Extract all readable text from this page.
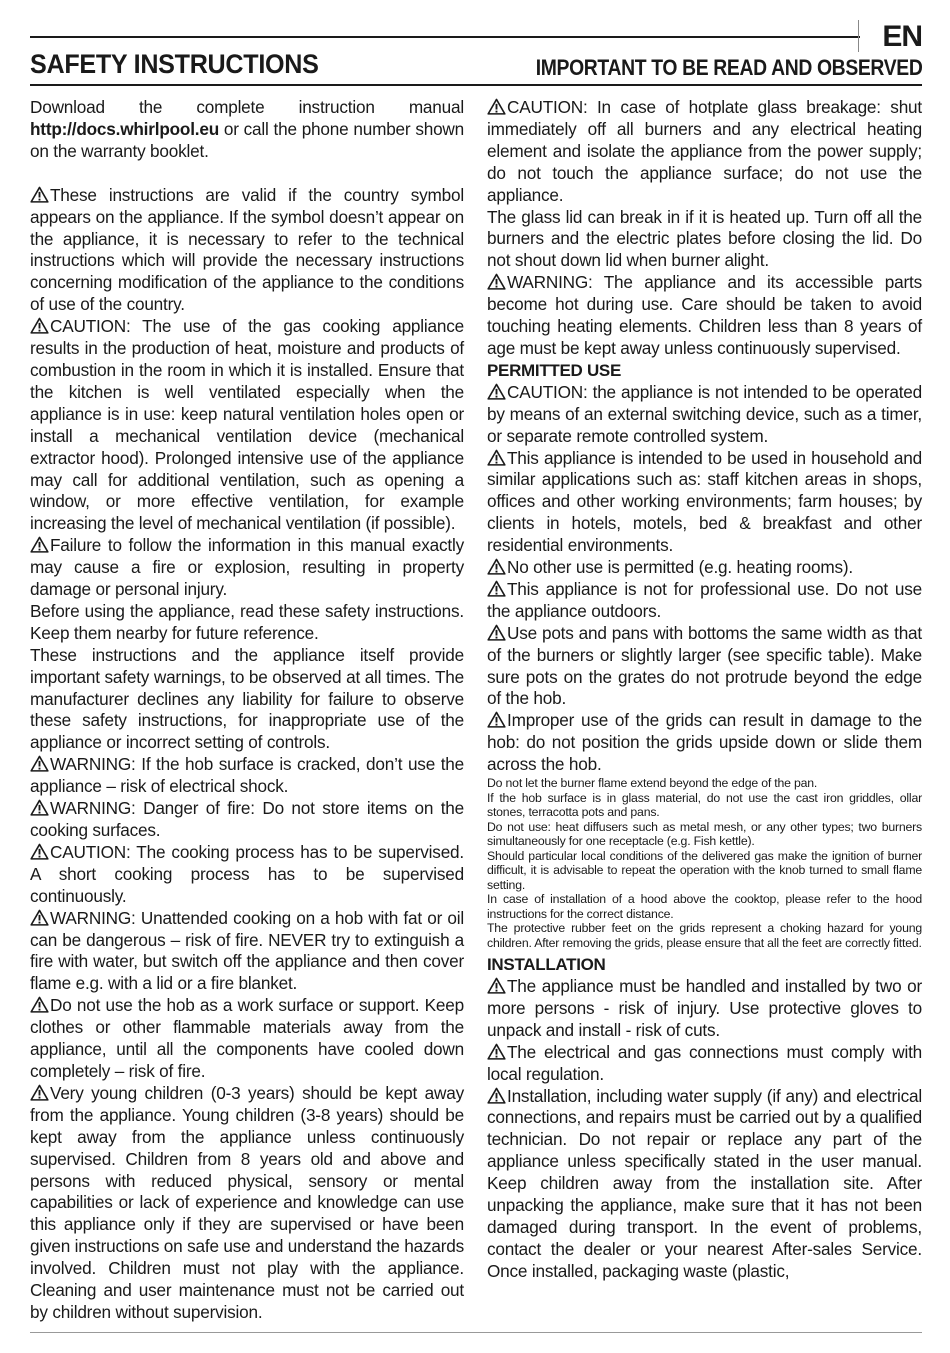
EN
SAFETY INSTRUCTIONS	IMPORTANT TO BE READ AND OBSERVED

Download the complete instruction manual http://docs.whirlpool.eu or call the phone number shown on the warranty booklet.

These instructions are valid if the country symbol appears on the appliance. If the symbol doesn’t appear on the appliance, it is necessary to refer to the technical instructions which will provide the necessary instructions concerning modification of the appliance to the conditions of use of the country.

CAUTION: The use of the gas cooking appliance results in the production of heat, moisture and products of combustion in the room in which it is installed. Ensure that the kitchen is well ventilated especially when the appliance is in use: keep natural ventilation holes open or install a mechanical ventilation device (mechanical extractor hood). Prolonged intensive use of the appliance may call for additional ventilation, such as opening a window, or more effective ventilation, for example increasing the level of mechanical ventilation (if possible).

Failure to follow the information in this manual exactly may cause a fire or explosion, resulting in property damage or personal injury.

Before using the appliance, read these safety instructions. Keep them nearby for future reference.

These instructions and the appliance itself provide important safety warnings, to be observed at all times. The manufacturer declines any liability for failure to observe these safety instructions, for inappropriate use of the appliance or incorrect setting of controls.

WARNING: If the hob surface is cracked, don’t use the appliance – risk of electrical shock.

WARNING: Danger of fire: Do not store items on the cooking surfaces.

CAUTION: The cooking process has to be supervised. A short cooking process has to be supervised continuously.

WARNING: Unattended cooking on a hob with fat or oil can be dangerous – risk of fire. NEVER try to extinguish a fire with water, but switch off the appliance and then cover flame e.g. with a lid or a fire blanket.

Do not use the hob as a work surface or support. Keep clothes or other flammable materials away from the appliance, until all the components have cooled down completely – risk of fire.

Very young children (0-3 years) should be kept away from the appliance. Young children (3-8 years) should be kept away from the appliance unless continuously supervised. Children from 8 years old and above and persons with reduced physical, sensory or mental capabilities or lack of experience and knowledge can use this appliance only if they are supervised or have been given instructions on safe use and understand the hazards involved. Children must not play with the appliance. Cleaning and user maintenance must not be carried out by children without supervision.

CAUTION: In case of hotplate glass breakage: shut immediately off all burners and any electrical heating element and isolate the appliance from the power supply; do not touch the appliance surface; do not use the appliance.

The glass lid can break in if it is heated up. Turn off all the burners and the electric plates before closing the lid. Do not shout down lid when burner alight.

WARNING: The appliance and its accessible parts become hot during use. Care should be taken to avoid touching heating elements. Children less than 8 years of age must be kept away unless continuously supervised.

PERMITTED USE

CAUTION: the appliance is not intended to be operated by means of an external switching device, such as a timer, or separate remote controlled system.

This appliance is intended to be used in household and similar applications such as: staff kitchen areas in shops, offices and other working environments; farm houses; by clients in hotels, motels, bed & breakfast and other residential environments.

No other use is permitted (e.g. heating rooms).

This appliance is not for professional use. Do not use the appliance outdoors.

Use pots and pans with bottoms the same width as that of the burners or slightly larger (see specific table). Make sure pots on the grates do not protrude beyond the edge of the hob.

Improper use of the grids can result in damage to the hob: do not position the grids upside down or slide them across the hob.

Do not let the burner flame extend beyond the edge of the pan.

If the hob surface is in glass material, do not use the cast iron griddles, ollar stones, terracotta pots and pans.

Do not use: heat diffusers such as metal mesh, or any other types; two burners simultaneously for one receptacle (e.g. Fish kettle).

Should particular local conditions of the delivered gas make the ignition of burner difficult, it is advisable to repeat the operation with the knob turned to small flame setting.

In case of installation of a hood above the cooktop, please refer to the hood instructions for the correct distance.

The protective rubber feet on the grids represent a choking hazard for young children. After removing the grids, please ensure that all the feet are correctly fitted.

INSTALLATION

The appliance must be handled and installed by two or more persons - risk of injury. Use protective gloves to unpack and install - risk of cuts.

The electrical and gas connections must comply with local regulation.

Installation, including water supply (if any) and electrical connections, and repairs must be carried out by a qualified technician. Do not repair or replace any part of the appliance unless specifically stated in the user manual. Keep children away from the installation site. After unpacking the appliance, make sure that it has not been damaged during transport. In the event of problems, contact the dealer or your nearest After-sales Service. Once installed, packaging waste (plastic,
